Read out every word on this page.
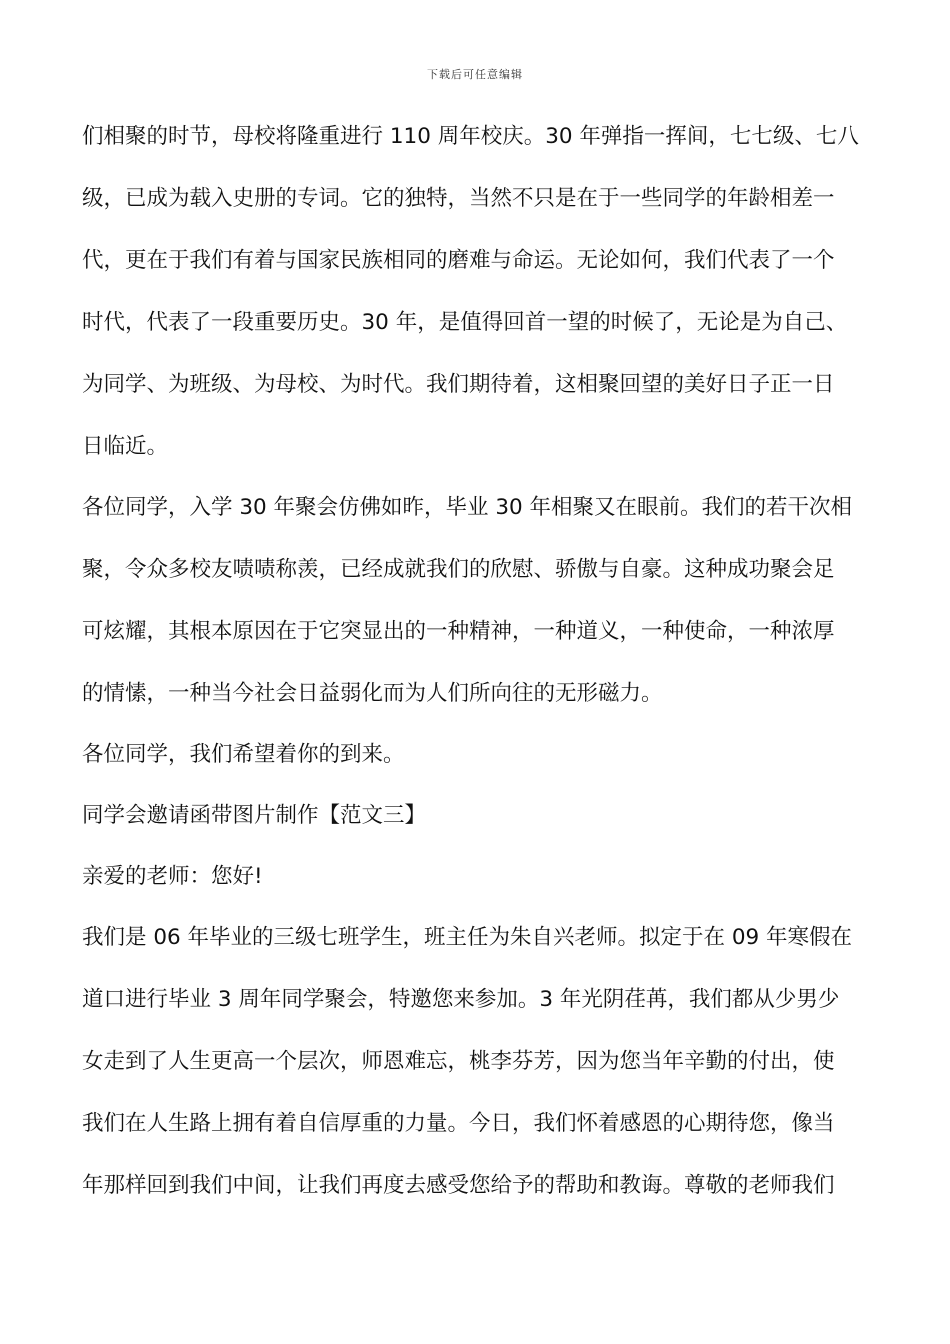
下载后可任意编辑
们相聚的时节，母校将隆重进行 110 周年校庆。30 年弹指一挥间，七七级、七八
级，已成为载入史册的专词。它的独特，当然不只是在于一些同学的年龄相差一
代，更在于我们有着与国家民族相同的磨难与命运。无论如何，我们代表了一个
时代，代表了一段重要历史。30 年，是值得回首一望的时候了，无论是为自己、
为同学、为班级、为母校、为时代。我们期待着，这相聚回望的美好日子正一日
日临近。
各位同学，入学 30 年聚会仿佛如昨，毕业 30 年相聚又在眼前。我们的若干次相
聚，令众多校友啧啧称羡，已经成就我们的欣慰、骄傲与自豪。这种成功聚会足
可炫耀，其根本原因在于它突显出的一种精神，一种道义，一种使命，一种浓厚
的情愫，一种当今社会日益弱化而为人们所向往的无形磁力。
各位同学，我们希望着你的到来。
同学会邀请函带图片制作【范文三】
亲爱的老师：您好!
我们是 06 年毕业的三级七班学生，班主任为朱自兴老师。拟定于在 09 年寒假在
道口进行毕业 3 周年同学聚会，特邀您来参加。3 年光阴荏苒，我们都从少男少
女走到了人生更高一个层次，师恩难忘，桃李芬芳，因为您当年辛勤的付出，使
我们在人生路上拥有着自信厚重的力量。今日，我们怀着感恩的心期待您，像当
年那样回到我们中间，让我们再度去感受您给予的帮助和教诲。尊敬的老师我们
